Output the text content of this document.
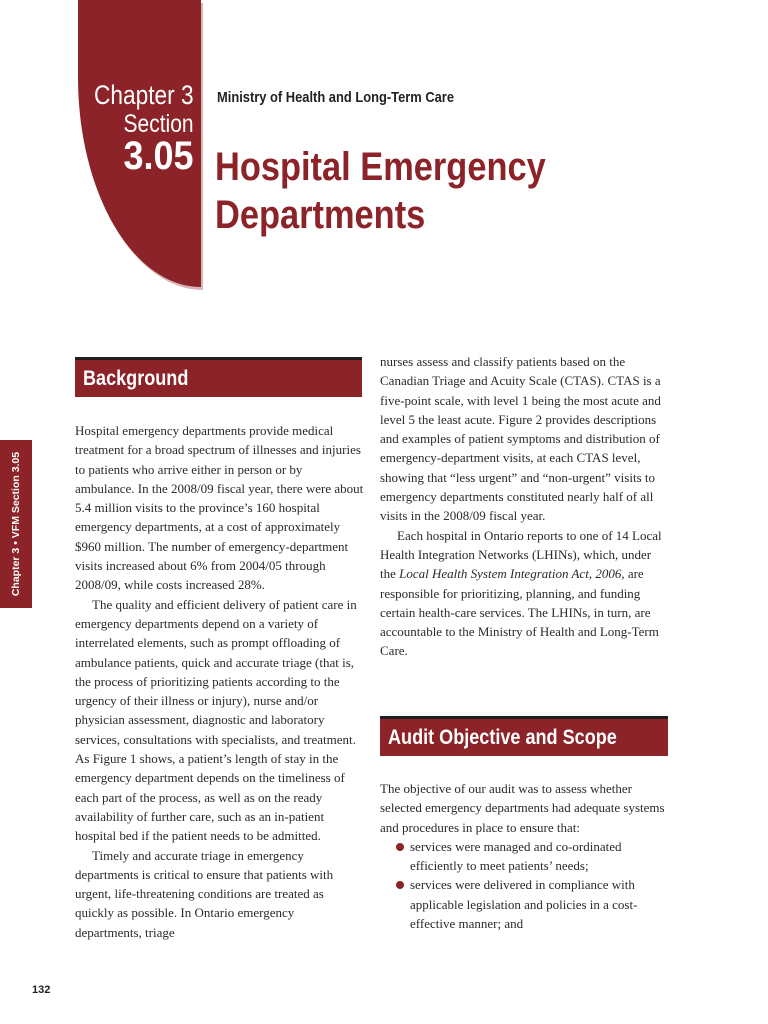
Chapter 3
Section
3.05
Ministry of Health and Long-Term Care
Hospital Emergency Departments
Chapter 3 • VFM Section 3.05
Background

Hospital emergency departments provide medical treatment for a broad spectrum of illnesses and injuries to patients who arrive either in person or by ambulance. In the 2008/09 fiscal year, there were about 5.4 million visits to the province’s 160 hospital emergency departments, at a cost of approximately $960 million. The number of emergency-department visits increased about 6% from 2004/05 through 2008/09, while costs increased 28%.

The quality and efficient delivery of patient care in emergency departments depend on a variety of interrelated elements, such as prompt offloading of ambulance patients, quick and accurate triage (that is, the process of prioritizing patients according to the urgency of their illness or injury), nurse and/or physician assessment, diagnostic and laboratory services, consultations with specialists, and treatment. As Figure 1 shows, a patient’s length of stay in the emergency department depends on the timeliness of each part of the process, as well as on the ready availability of further care, such as an in-patient hospital bed if the patient needs to be admitted.

Timely and accurate triage in emergency departments is critical to ensure that patients with urgent, life-threatening conditions are treated as quickly as possible. In Ontario emergency departments, triage

nurses assess and classify patients based on the Canadian Triage and Acuity Scale (CTAS). CTAS is a five-point scale, with level 1 being the most acute and level 5 the least acute. Figure 2 provides descriptions and examples of patient symptoms and distribution of emergency-department visits, at each CTAS level, showing that “less urgent” and “non-urgent” visits to emergency departments constituted nearly half of all visits in the 2008/09 fiscal year.

Each hospital in Ontario reports to one of 14 Local Health Integration Networks (LHINs), which, under the Local Health System Integration Act, 2006, are responsible for prioritizing, planning, and funding certain health-care services. The LHINs, in turn, are accountable to the Ministry of Health and Long-Term Care.

Audit Objective and Scope

The objective of our audit was to assess whether selected emergency departments had adequate systems and procedures in place to ensure that:

services were managed and co-ordinated efficiently to meet patients’ needs;
services were delivered in compliance with applicable legislation and policies in a cost-effective manner; and
132
